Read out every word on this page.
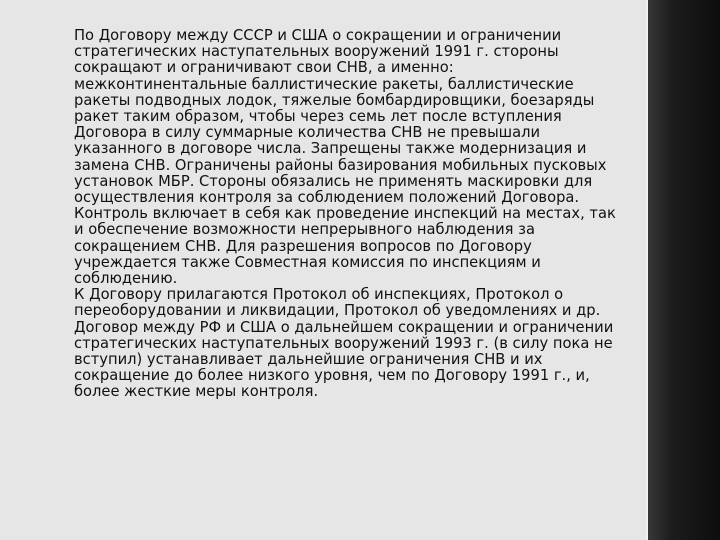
По Договору между СССР и США о сокращении и ограничении стратегических наступательных вооружений 1991 г. стороны сокращают и ограничивают свои СНВ, а именно: межконтинентальные баллистические ракеты, баллистические ракеты подводных лодок, тяжелые бомбардировщики, боезаряды ракет таким образом, чтобы через семь лет после вступления Договора в силу суммарные количества СНВ не превышали указанного в договоре числа. Запрещены также модернизация и замена СНВ. Ограничены районы базирования мобильных пусковых установок МБР. Стороны обязались не применять маскировки для осуществления контроля за соблюдением положений Договора. Контроль включает в себя как проведение инспекций на местах, так и обеспечение возможности непрерывного наблюдения за сокращением СНВ. Для разрешения вопросов по Договору учреждается также Совместная комиссия по инспекциям и соблюдению.

К Договору прилагаются Протокол об инспекциях, Протокол о переоборудовании и ликвидации, Протокол об уведомлениях и др.

Договор между РФ и США о дальнейшем сокращении и ограничении стратегических наступательных вооружений 1993 г. (в силу пока не вступил) устанавливает дальнейшие ограничения СНВ и их сокращение до более низкого уровня, чем по Договору 1991 г., и, более жесткие меры контроля.
